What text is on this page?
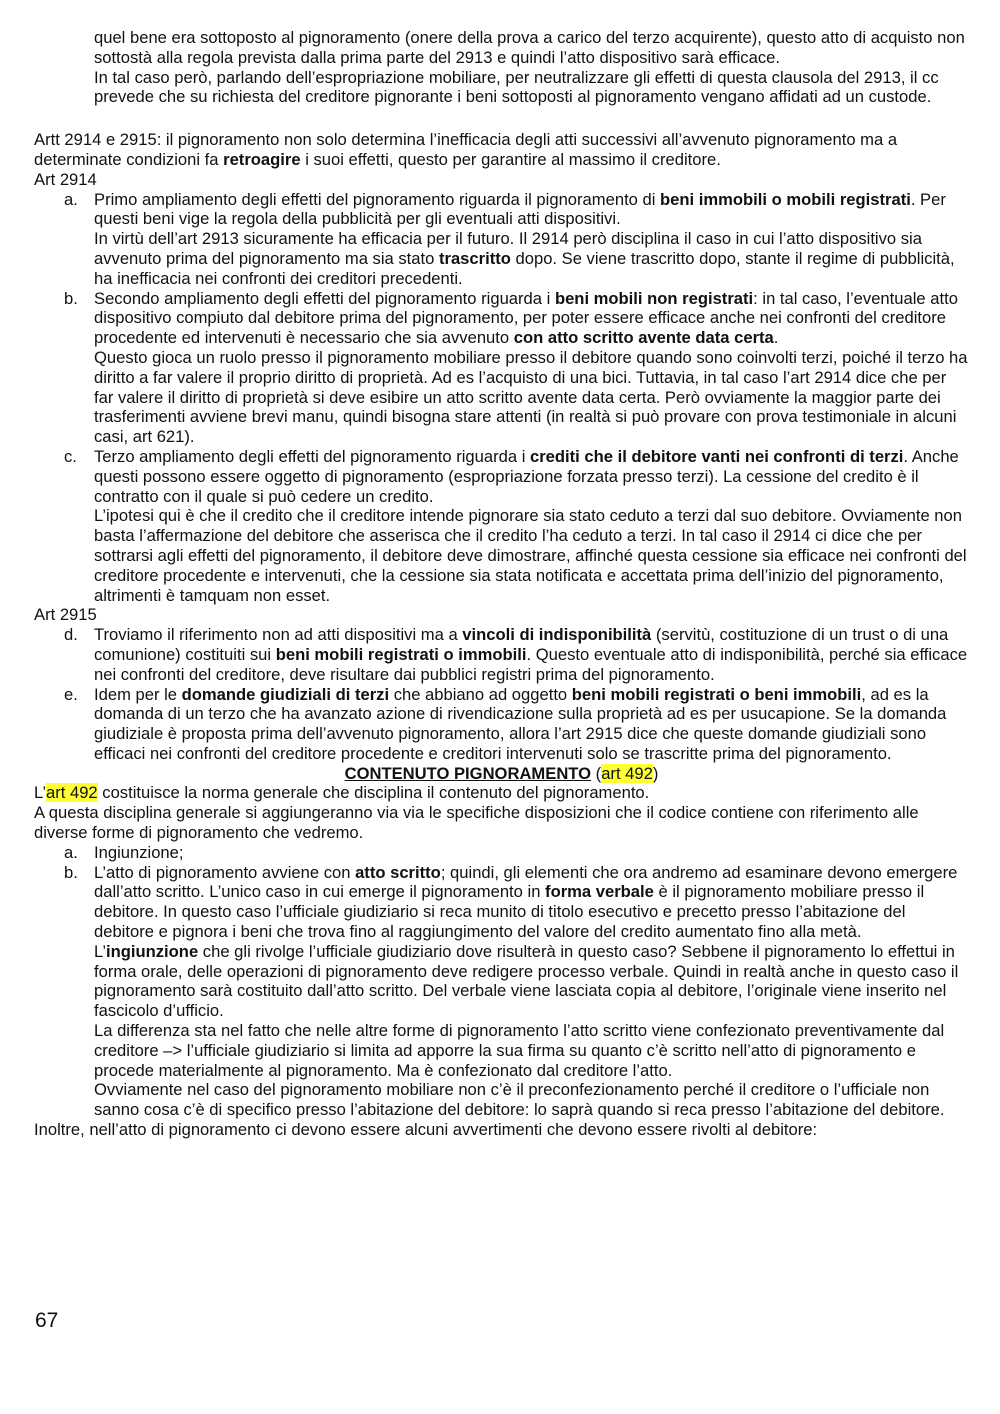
quel bene era sottoposto al pignoramento (onere della prova a carico del terzo acquirente), questo atto di acquisto non sottostà alla regola prevista dalla prima parte del 2913 e quindi l’atto dispositivo sarà efficace.

In tal caso però, parlando dell’espropriazione mobiliare, per neutralizzare gli effetti di questa clausola del 2913, il cc prevede che su richiesta del creditore pignorante i beni sottoposti al pignoramento vengano affidati ad un custode.

Artt 2914 e 2915: il pignoramento non solo determina l’inefficacia degli atti successivi all’avvenuto pignoramento ma a determinate condizioni fa retroagire i suoi effetti, questo per garantire al massimo il creditore.

Art 2914

a. Primo ampliamento degli effetti del pignoramento riguarda il pignoramento di beni immobili o mobili registrati. Per questi beni vige la regola della pubblicità per gli eventuali atti dispositivi.

In virtù dell’art 2913 sicuramente ha efficacia per il futuro. Il 2914 però disciplina il caso in cui l’atto dispositivo sia avvenuto prima del pignoramento ma sia stato trascritto dopo. Se viene trascritto dopo, stante il regime di pubblicità, ha inefficacia nei confronti dei creditori precedenti.

b. Secondo ampliamento degli effetti del pignoramento riguarda i beni mobili non registrati: in tal caso, l’eventuale atto dispositivo compiuto dal debitore prima del pignoramento, per poter essere efficace anche nei confronti del creditore procedente ed intervenuti è necessario che sia avvenuto con atto scritto avente data certa.

Questo gioca un ruolo presso il pignoramento mobiliare presso il debitore quando sono coinvolti terzi, poiché il terzo ha diritto a far valere il proprio diritto di proprietà. Ad es l’acquisto di una bici. Tuttavia, in tal caso l’art 2914 dice che per far valere il diritto di proprietà si deve esibire un atto scritto avente data certa. Però ovviamente la maggior parte dei trasferimenti avviene brevi manu, quindi bisogna stare attenti (in realtà si può provare con prova testimoniale in alcuni casi, art 621).

c. Terzo ampliamento degli effetti del pignoramento riguarda i crediti che il debitore vanti nei confronti di terzi. Anche questi possono essere oggetto di pignoramento (espropriazione forzata presso terzi). La cessione del credito è il contratto con il quale si può cedere un credito.

L’ipotesi qui è che il credito che il creditore intende pignorare sia stato ceduto a terzi dal suo debitore. Ovviamente non basta l’affermazione del debitore che asserisca che il credito l’ha ceduto a terzi. In tal caso il 2914 ci dice che per sottrarsi agli effetti del pignoramento, il debitore deve dimostrare, affinché questa cessione sia efficace nei confronti del creditore procedente e intervenuti, che la cessione sia stata notificata e accettata prima dell’inizio del pignoramento, altrimenti è tamquam non esset.

Art 2915

d. Troviamo il riferimento non ad atti dispositivi ma a vincoli di indisponibilità (servitù, costituzione di un trust o di una comunione) costituiti sui beni mobili registrati o immobili. Questo eventuale atto di indisponibilità, perché sia efficace nei confronti del creditore, deve risultare dai pubblici registri prima del pignoramento.

e. Idem per le domande giudiziali di terzi che abbiano ad oggetto beni mobili registrati o beni immobili, ad es la domanda di un terzo che ha avanzato azione di rivendicazione sulla proprietà ad es per usucapione. Se la domanda giudiziale è proposta prima dell’avvenuto pignoramento, allora l’art 2915 dice che queste domande giudiziali sono efficaci nei confronti del creditore procedente e creditori intervenuti solo se trascritte prima del pignoramento.

CONTENUTO PIGNORAMENTO (art 492)

L’art 492 costituisce la norma generale che disciplina il contenuto del pignoramento.

A questa disciplina generale si aggiungeranno via via le specifiche disposizioni che il codice contiene con riferimento alle diverse forme di pignoramento che vedremo.

a. Ingiunzione;

b. L’atto di pignoramento avviene con atto scritto; quindi, gli elementi che ora andremo ad esaminare devono emergere dall’atto scritto. L’unico caso in cui emerge il pignoramento in forma verbale è il pignoramento mobiliare presso il debitore. In questo caso l’ufficiale giudiziario si reca munito di titolo esecutivo e precetto presso l’abitazione del debitore e pignora i beni che trova fino al raggiungimento del valore del credito aumentato fino alla metà.

L’ingiunzione che gli rivolge l’ufficiale giudiziario dove risulterà in questo caso? Sebbene il pignoramento lo effettui in forma orale, delle operazioni di pignoramento deve redigere processo verbale. Quindi in realtà anche in questo caso il pignoramento sarà costituito dall’atto scritto. Del verbale viene lasciata copia al debitore, l’originale viene inserito nel fascicolo d’ufficio.

La differenza sta nel fatto che nelle altre forme di pignoramento l’atto scritto viene confezionato preventivamente dal creditore –> l’ufficiale giudiziario si limita ad apporre la sua firma su quanto c’è scritto nell’atto di pignoramento e procede materialmente al pignoramento. Ma è confezionato dal creditore l’atto.

Ovviamente nel caso del pignoramento mobiliare non c’è il preconfezionamento perché il creditore o l’ufficiale non sanno cosa c’è di specifico presso l’abitazione del debitore: lo saprà quando si reca presso l’abitazione del debitore.

Inoltre, nell’atto di pignoramento ci devono essere alcuni avvertimenti che devono essere rivolti al debitore:

67
